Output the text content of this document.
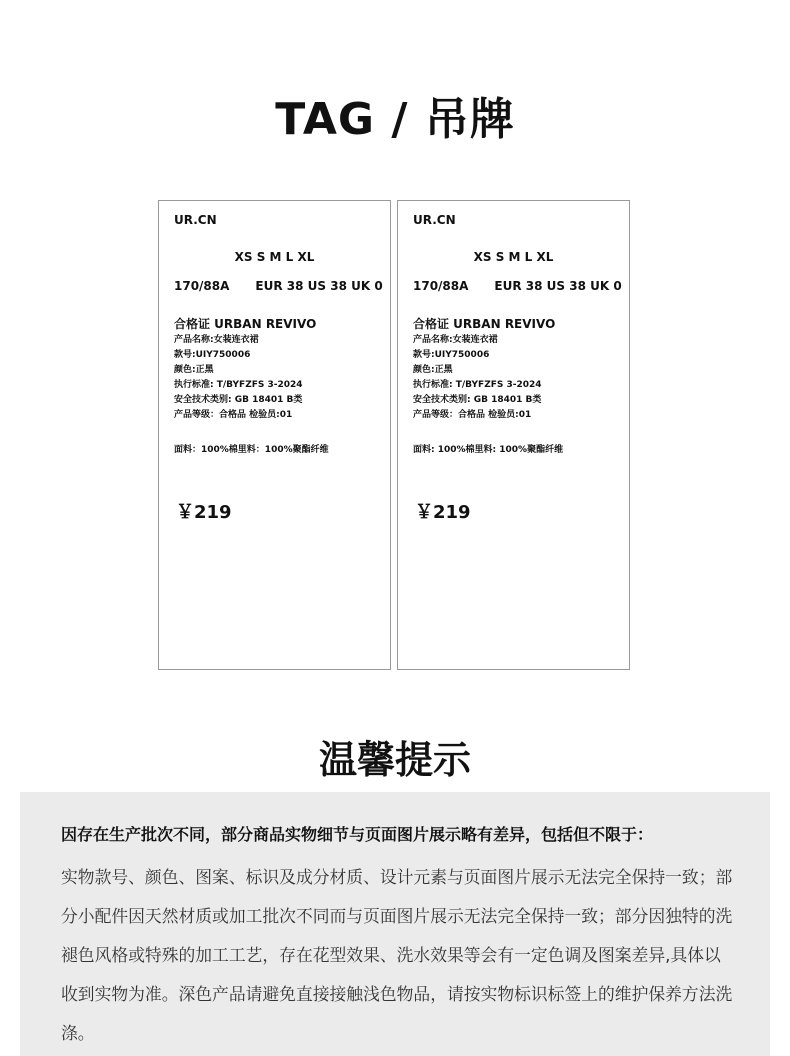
TAG / 吊牌
UR.CN
XS S M L XL
170/88A EUR 38 US 38 UK 0
合格证 URBAN REVIVO
产品名称:女装连衣裙
款号:UIY750006
颜色:正黑
执行标准: T/BYFZFS 3-2024
安全技术类别: GB 18401 B类
产品等级：合格品 检验员:01
面料：100%棉里料：100%聚酯纤维
￥219
UR.CN
XS S M L XL
170/88A EUR 38 US 38 UK 0
合格证 URBAN REVIVO
产品名称:女装连衣裙
款号:UIY750006
颜色:正黑
执行标准: T/BYFZFS 3-2024
安全技术类别: GB 18401 B类
产品等级：合格品 检验员:01
面料: 100%棉里料: 100%聚酯纤维
￥219
温馨提示
因存在生产批次不同，部分商品实物细节与页面图片展示略有差异，包括但不限于：
实物款号、颜色、图案、标识及成分材质、设计元素与页面图片展示无法完全保持一致；部分小配件因天然材质或加工批次不同而与页面图片展示无法完全保持一致；部分因独特的洗褪色风格或特殊的加工工艺，存在花型效果、洗水效果等会有一定色调及图案差异,具体以收到实物为准。深色产品请避免直接接触浅色物品，请按实物标识标签上的维护保养方法洗涤。
